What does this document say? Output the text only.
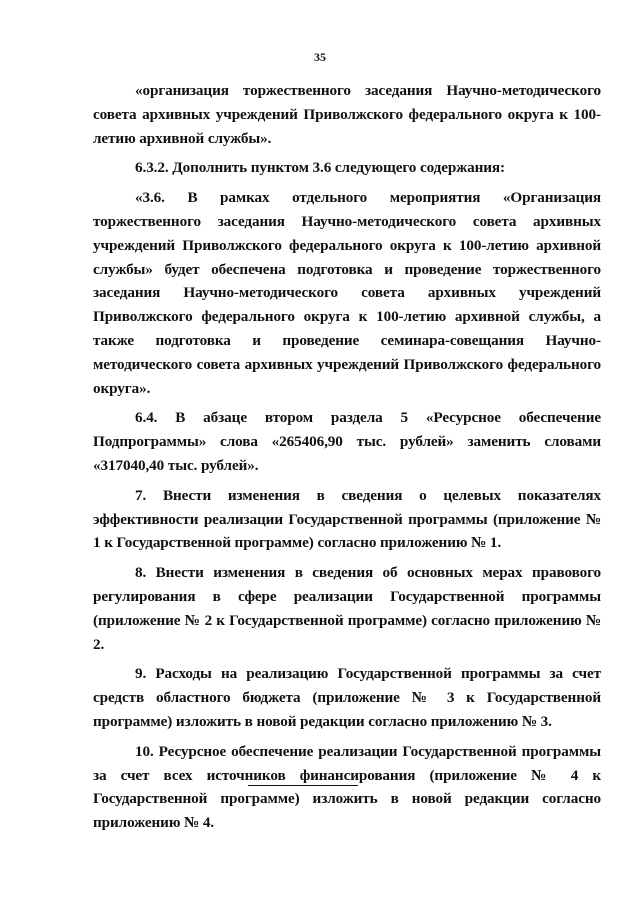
35

«организация торжественного заседания Научно-методического совета архивных учреждений Приволжского федерального округа к 100-летию архивной службы».

6.3.2. Дополнить пунктом 3.6 следующего содержания:

«3.6. В рамках отдельного мероприятия «Организация торжественного заседания Научно-методического совета архивных учреждений Приволжского федерального округа к 100-летию архивной службы» будет обеспечена подготовка и проведение торжественного заседания Научно-методического совета архивных учреждений Приволжского федерального округа к 100-летию архивной службы, а также подготовка и проведение семинара-совещания Научно-методического совета архивных учреждений Приволжского федерального округа».

6.4. В абзаце втором раздела 5 «Ресурсное обеспечение Подпрограммы» слова «265406,90 тыс. рублей» заменить словами «317040,40 тыс. рублей».

7. Внести изменения в сведения о целевых показателях эффективности реализации Государственной программы (приложение № 1 к Государственной программе) согласно приложению № 1.

8. Внести изменения в сведения об основных мерах правового регулирования в сфере реализации Государственной программы (приложение № 2 к Государственной программе) согласно приложению № 2.

9. Расходы на реализацию Государственной программы за счет средств областного бюджета (приложение № 3 к Государственной программе) изложить в новой редакции согласно приложению № 3.

10. Ресурсное обеспечение реализации Государственной программы за счет всех источников финансирования (приложение № 4 к Государственной программе) изложить в новой редакции согласно приложению № 4.
